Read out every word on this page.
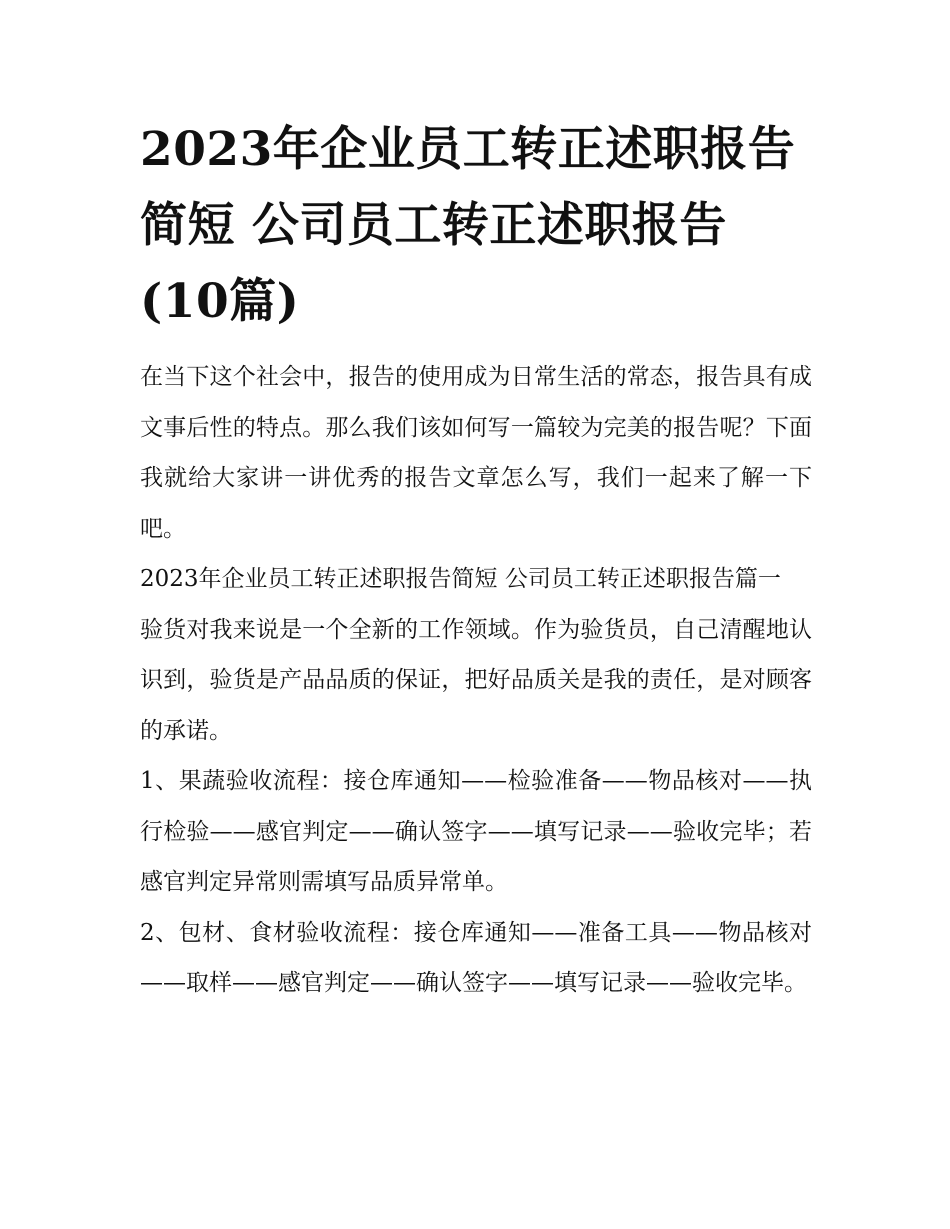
2023年企业员工转正述职报告
简短 公司员工转正述职报告
(10篇)

在当下这个社会中，报告的使用成为日常生活的常态，报告具有成文事后性的特点。那么我们该如何写一篇较为完美的报告呢？下面我就给大家讲一讲优秀的报告文章怎么写，我们一起来了解一下吧。

2023年企业员工转正述职报告简短 公司员工转正述职报告篇一

验货对我来说是一个全新的工作领域。作为验货员，自己清醒地认识到，验货是产品品质的保证，把好品质关是我的责任，是对顾客的承诺。

1、果蔬验收流程：接仓库通知——检验准备——物品核对——执行检验——感官判定——确认签字——填写记录——验收完毕；若感官判定异常则需填写品质异常单。

2、包材、食材验收流程：接仓库通知——准备工具——物品核对——取样——感官判定——确认签字——填写记录——验收完毕。
